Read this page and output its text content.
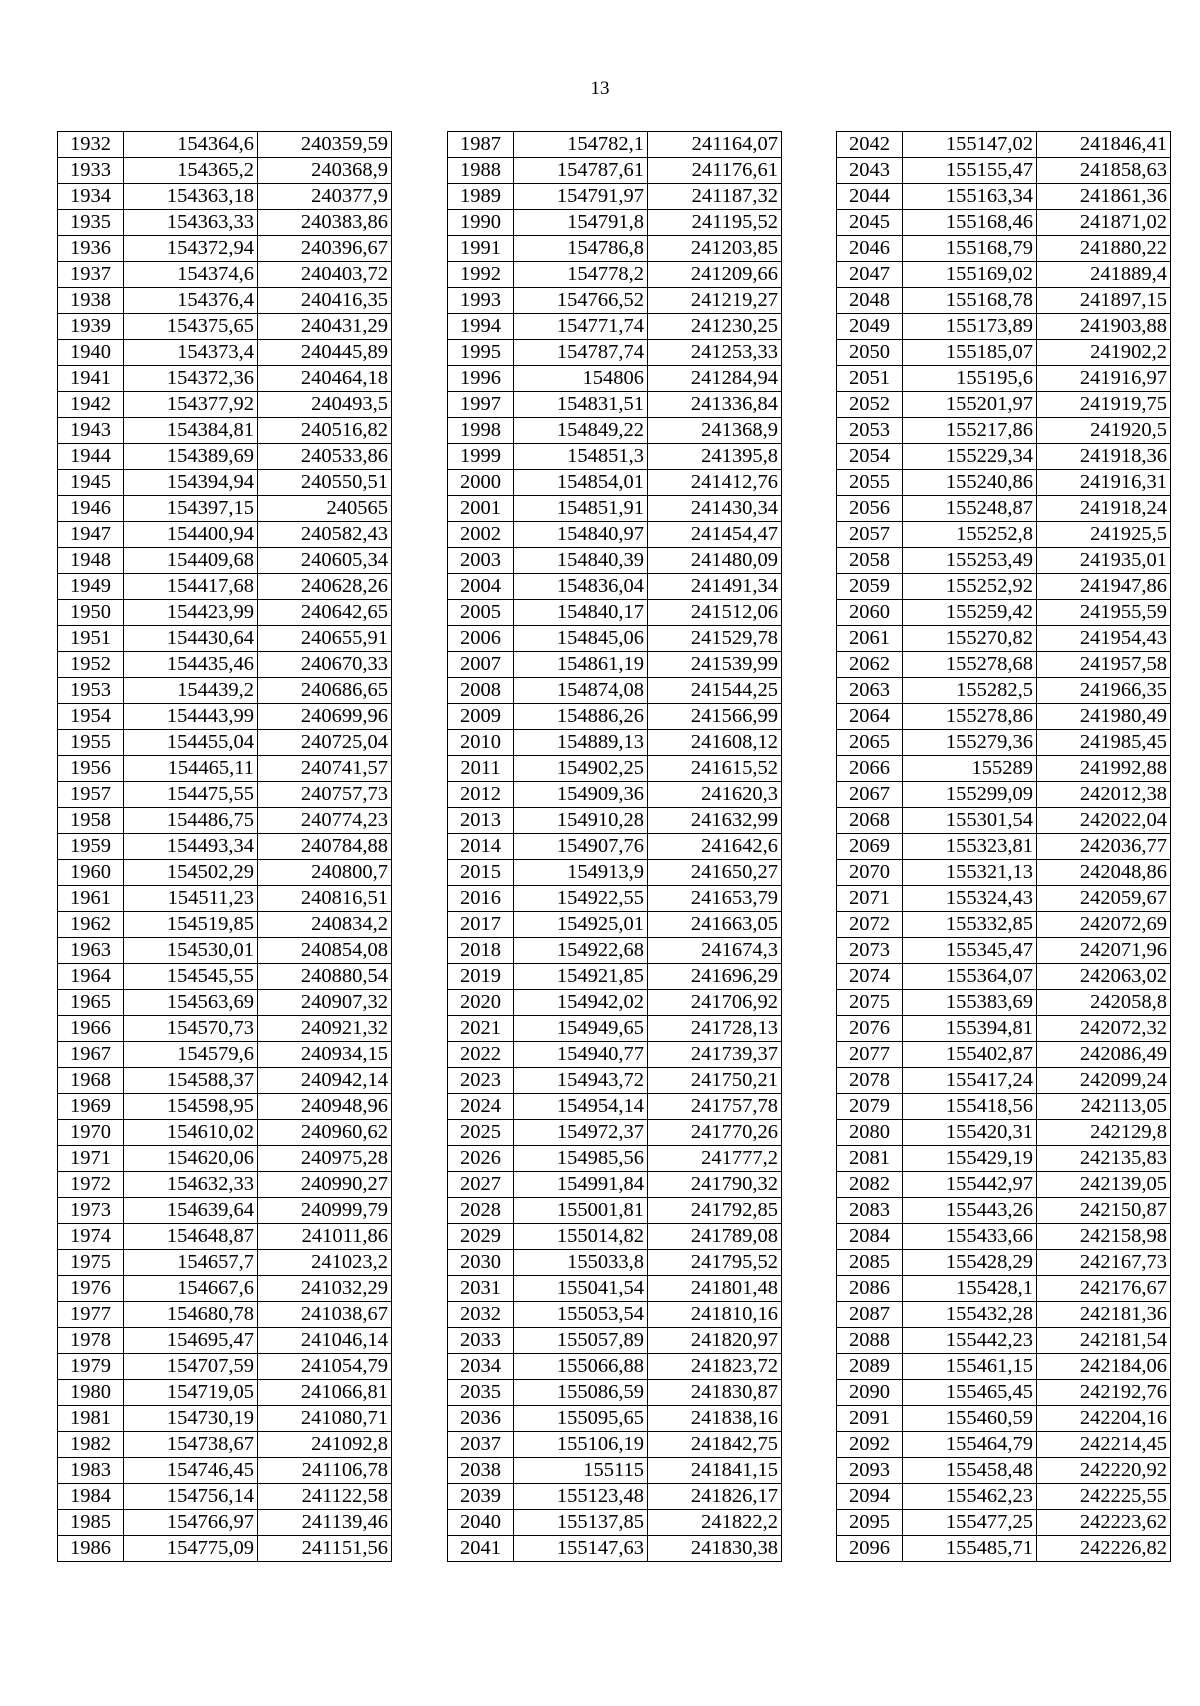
13
1932	154364,6	240359,59
1933	154365,2	240368,9
1934	154363,18	240377,9
1935	154363,33	240383,86
1936	154372,94	240396,67
1937	154374,6	240403,72
1938	154376,4	240416,35
1939	154375,65	240431,29
1940	154373,4	240445,89
1941	154372,36	240464,18
1942	154377,92	240493,5
1943	154384,81	240516,82
1944	154389,69	240533,86
1945	154394,94	240550,51
1946	154397,15	240565
1947	154400,94	240582,43
1948	154409,68	240605,34
1949	154417,68	240628,26
1950	154423,99	240642,65
1951	154430,64	240655,91
1952	154435,46	240670,33
1953	154439,2	240686,65
1954	154443,99	240699,96
1955	154455,04	240725,04
1956	154465,11	240741,57
1957	154475,55	240757,73
1958	154486,75	240774,23
1959	154493,34	240784,88
1960	154502,29	240800,7
1961	154511,23	240816,51
1962	154519,85	240834,2
1963	154530,01	240854,08
1964	154545,55	240880,54
1965	154563,69	240907,32
1966	154570,73	240921,32
1967	154579,6	240934,15
1968	154588,37	240942,14
1969	154598,95	240948,96
1970	154610,02	240960,62
1971	154620,06	240975,28
1972	154632,33	240990,27
1973	154639,64	240999,79
1974	154648,87	241011,86
1975	154657,7	241023,2
1976	154667,6	241032,29
1977	154680,78	241038,67
1978	154695,47	241046,14
1979	154707,59	241054,79
1980	154719,05	241066,81
1981	154730,19	241080,71
1982	154738,67	241092,8
1983	154746,45	241106,78
1984	154756,14	241122,58
1985	154766,97	241139,46
1986	154775,09	241151,56
1987	154782,1	241164,07
1988	154787,61	241176,61
1989	154791,97	241187,32
1990	154791,8	241195,52
1991	154786,8	241203,85
1992	154778,2	241209,66
1993	154766,52	241219,27
1994	154771,74	241230,25
1995	154787,74	241253,33
1996	154806	241284,94
1997	154831,51	241336,84
1998	154849,22	241368,9
1999	154851,3	241395,8
2000	154854,01	241412,76
2001	154851,91	241430,34
2002	154840,97	241454,47
2003	154840,39	241480,09
2004	154836,04	241491,34
2005	154840,17	241512,06
2006	154845,06	241529,78
2007	154861,19	241539,99
2008	154874,08	241544,25
2009	154886,26	241566,99
2010	154889,13	241608,12
2011	154902,25	241615,52
2012	154909,36	241620,3
2013	154910,28	241632,99
2014	154907,76	241642,6
2015	154913,9	241650,27
2016	154922,55	241653,79
2017	154925,01	241663,05
2018	154922,68	241674,3
2019	154921,85	241696,29
2020	154942,02	241706,92
2021	154949,65	241728,13
2022	154940,77	241739,37
2023	154943,72	241750,21
2024	154954,14	241757,78
2025	154972,37	241770,26
2026	154985,56	241777,2
2027	154991,84	241790,32
2028	155001,81	241792,85
2029	155014,82	241789,08
2030	155033,8	241795,52
2031	155041,54	241801,48
2032	155053,54	241810,16
2033	155057,89	241820,97
2034	155066,88	241823,72
2035	155086,59	241830,87
2036	155095,65	241838,16
2037	155106,19	241842,75
2038	155115	241841,15
2039	155123,48	241826,17
2040	155137,85	241822,2
2041	155147,63	241830,38
2042	155147,02	241846,41
2043	155155,47	241858,63
2044	155163,34	241861,36
2045	155168,46	241871,02
2046	155168,79	241880,22
2047	155169,02	241889,4
2048	155168,78	241897,15
2049	155173,89	241903,88
2050	155185,07	241902,2
2051	155195,6	241916,97
2052	155201,97	241919,75
2053	155217,86	241920,5
2054	155229,34	241918,36
2055	155240,86	241916,31
2056	155248,87	241918,24
2057	155252,8	241925,5
2058	155253,49	241935,01
2059	155252,92	241947,86
2060	155259,42	241955,59
2061	155270,82	241954,43
2062	155278,68	241957,58
2063	155282,5	241966,35
2064	155278,86	241980,49
2065	155279,36	241985,45
2066	155289	241992,88
2067	155299,09	242012,38
2068	155301,54	242022,04
2069	155323,81	242036,77
2070	155321,13	242048,86
2071	155324,43	242059,67
2072	155332,85	242072,69
2073	155345,47	242071,96
2074	155364,07	242063,02
2075	155383,69	242058,8
2076	155394,81	242072,32
2077	155402,87	242086,49
2078	155417,24	242099,24
2079	155418,56	242113,05
2080	155420,31	242129,8
2081	155429,19	242135,83
2082	155442,97	242139,05
2083	155443,26	242150,87
2084	155433,66	242158,98
2085	155428,29	242167,73
2086	155428,1	242176,67
2087	155432,28	242181,36
2088	155442,23	242181,54
2089	155461,15	242184,06
2090	155465,45	242192,76
2091	155460,59	242204,16
2092	155464,79	242214,45
2093	155458,48	242220,92
2094	155462,23	242225,55
2095	155477,25	242223,62
2096	155485,71	242226,82
